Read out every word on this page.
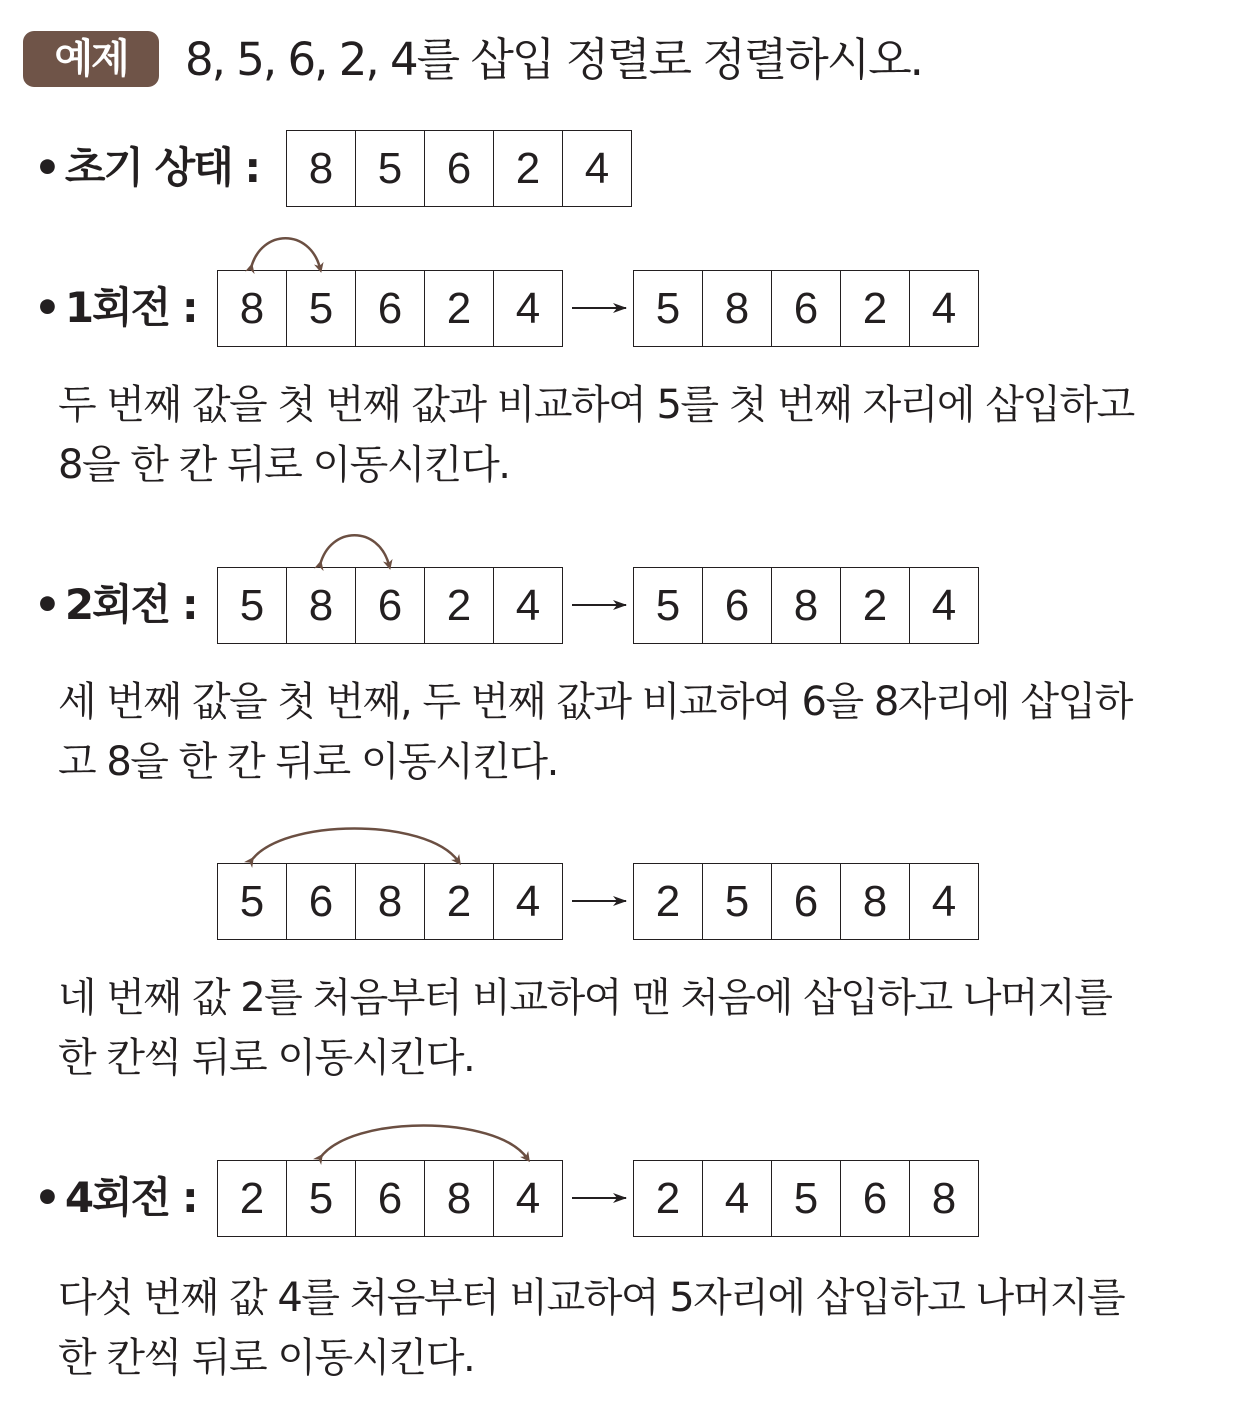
예제	8, 5, 6, 2, 4를 삽입 정렬로 정렬하시오.
• 초기 상태 :	8	5	6	2	4
• 1회전 : 8	5	6	2	4	5	8	6	2	4
두 번째 값을 첫 번째 값과 비교하여 5를 첫 번째 자리에 삽입하고
8을 한 칸 뒤로 이동시킨다.
• 2회전 : 5	8	6	2	4	5	6	8	2	4
세 번째 값을 첫 번째, 두 번째 값과 비교하여 6을 8자리에 삽입하
고 8을 한 칸 뒤로 이동시킨다.
5	6	8	2	4	2	5	6	8	4
네 번째 값 2를 처음부터 비교하여 맨 처음에 삽입하고 나머지를
한 칸씩 뒤로 이동시킨다.
• 4회전 : 2	5	6	8	4	2	4	5	6	8
다섯 번째 값 4를 처음부터 비교하여 5자리에 삽입하고 나머지를
한 칸씩 뒤로 이동시킨다.
